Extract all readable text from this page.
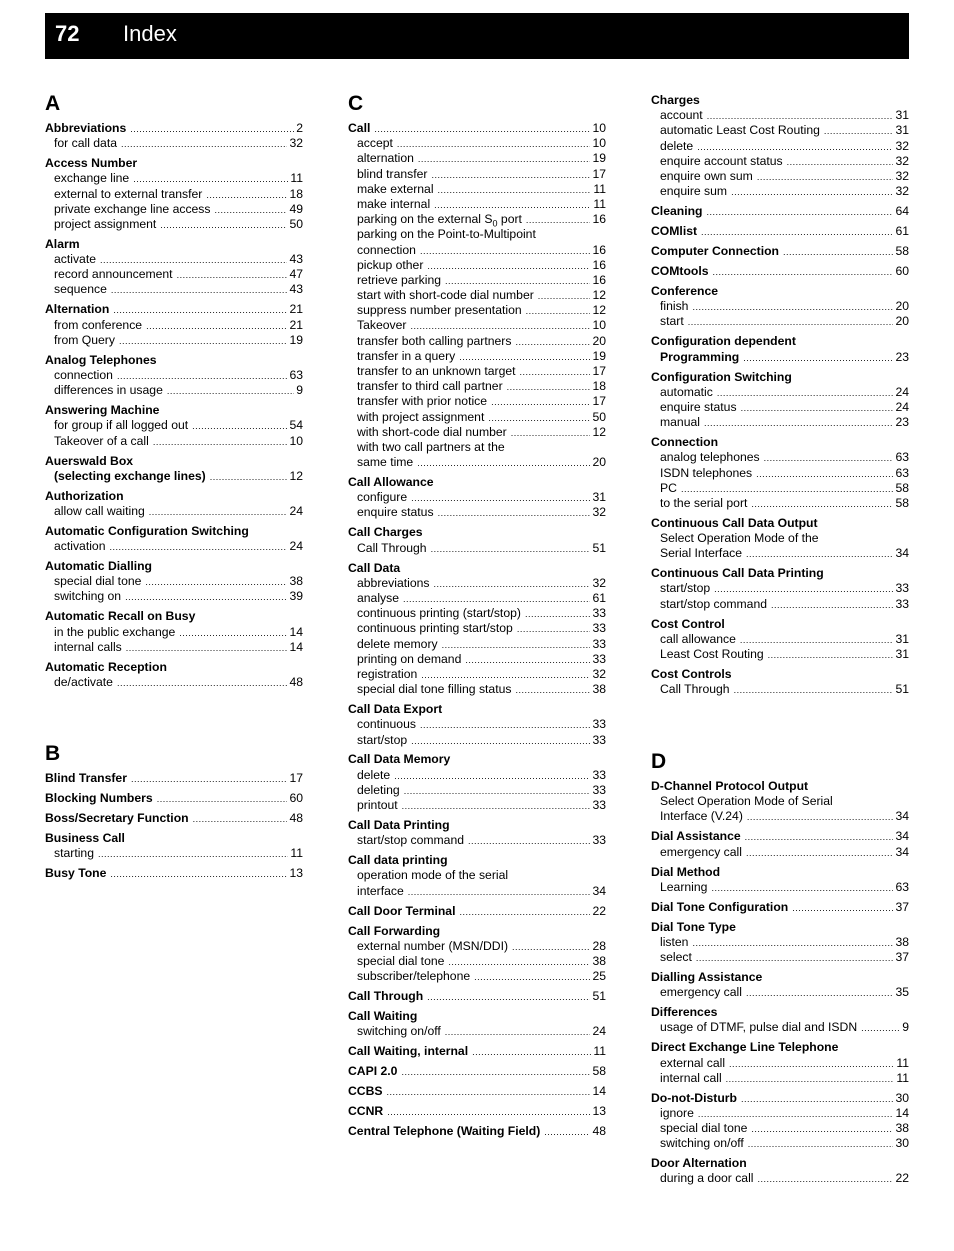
72 Index
A
Abbreviations .....	2
for call data .....	32
Access Number
exchange line .....	11
external to external transfer .....	18
private exchange line access .....	49
project assignment .....	50
Alarm
activate .....	43
record announcement .....	47
sequence .....	43
Alternation .....	21
from conference .....	21
from Query .....	19
Analog Telephones
connection .....	63
differences in usage .....	9
Answering Machine
for group if all logged out .....	54
Takeover of a call .....	10
Auerswald Box
(selecting exchange lines) .....	12
Authorization
allow call waiting .....	24
Automatic Configuration Switching
activation .....	24
Automatic Dialling
special dial tone .....	38
switching on .....	39
Automatic Recall on Busy
in the public exchange .....	14
internal calls .....	14
Automatic Reception
de/activate .....	48
B
Blind Transfer .....	17
Blocking Numbers .....	60
Boss/Secretary Function .....	48
Business Call
starting .....	11
Busy Tone .....	13
C
Call .....	10
accept .....	10
alternation .....	19
blind transfer .....	17
make external .....	11
make internal .....	11
parking on the external $S_0$ port .....	16
parking on the Point-to-Multipoint
connection .....	16
pickup other .....	16
retrieve parking .....	16
start with short-code dial number .....	12
suppress number presentation .....	12
Takeover .....	10
transfer both calling partners .....	20
transfer in a query .....	19
transfer to an unknown target .....	17
transfer to third call partner .....	18
transfer with prior notice .....	17
with project assignment .....	50
with short-code dial number .....	12
with two call partners at the
same time .....	20
Call Allowance
configure .....	31
enquire status .....	32
Call Charges
Call Through .....	51
Call Data
abbreviations .....	32
analyse .....	61
continuous printing (start/stop) .....	33
continuous printing start/stop .....	33
delete memory .....	33
printing on demand .....	33
registration .....	32
special dial tone filling status .....	38
Call Data Export
continuous .....	33
start/stop .....	33
Call Data Memory
delete .....	33
deleting .....	33
printout .....	33
Call Data Printing
start/stop command .....	33
Call data printing
operation mode of the serial
interface .....	34
Call Door Terminal .....	22
Call Forwarding
external number (MSN/DDI) .....	28
special dial tone .....	38
subscriber/telephone .....	25
Call Through .....	51
Call Waiting
switching on/off .....	24
Call Waiting, internal .....	11
CAPI 2.0 .....	58
CCBS .....	14
CCNR .....	13
Central Telephone (Waiting Field) .....	48
Charges
account .....	31
automatic Least Cost Routing .....	31
delete .....	32
enquire account status .....	32
enquire own sum .....	32
enquire sum .....	32
Cleaning .....	64
COMlist .....	61
Computer Connection .....	58
COMtools .....	60
Conference
finish .....	20
start .....	20
Configuration dependent
Programming .....	23
Configuration Switching
automatic .....	24
enquire status .....	24
manual .....	23
Connection
analog telephones .....	63
ISDN telephones .....	63
PC .....	58
to the serial port .....	58
Continuous Call Data Output
Select Operation Mode of the
Serial Interface .....	34
Continuous Call Data Printing
start/stop .....	33
start/stop command .....	33
Cost Control
call allowance .....	31
Least Cost Routing .....	31
Cost Controls
Call Through .....	51
D
D-Channel Protocol Output
Select Operation Mode of Serial
Interface (V.24) .....	34
Dial Assistance .....	34
emergency call .....	34
Dial Method
Learning .....	63
Dial Tone Configuration .....	37
Dial Tone Type
listen .....	38
select .....	37
Dialling Assistance
emergency call .....	35
Differences
usage of DTMF, pulse dial and ISDN .....	9
Direct Exchange Line Telephone
external call .....	11
internal call .....	11
Do-not-Disturb .....	30
ignore .....	14
special dial tone .....	38
switching on/off .....	30
Door Alternation
during a door call .....	22
